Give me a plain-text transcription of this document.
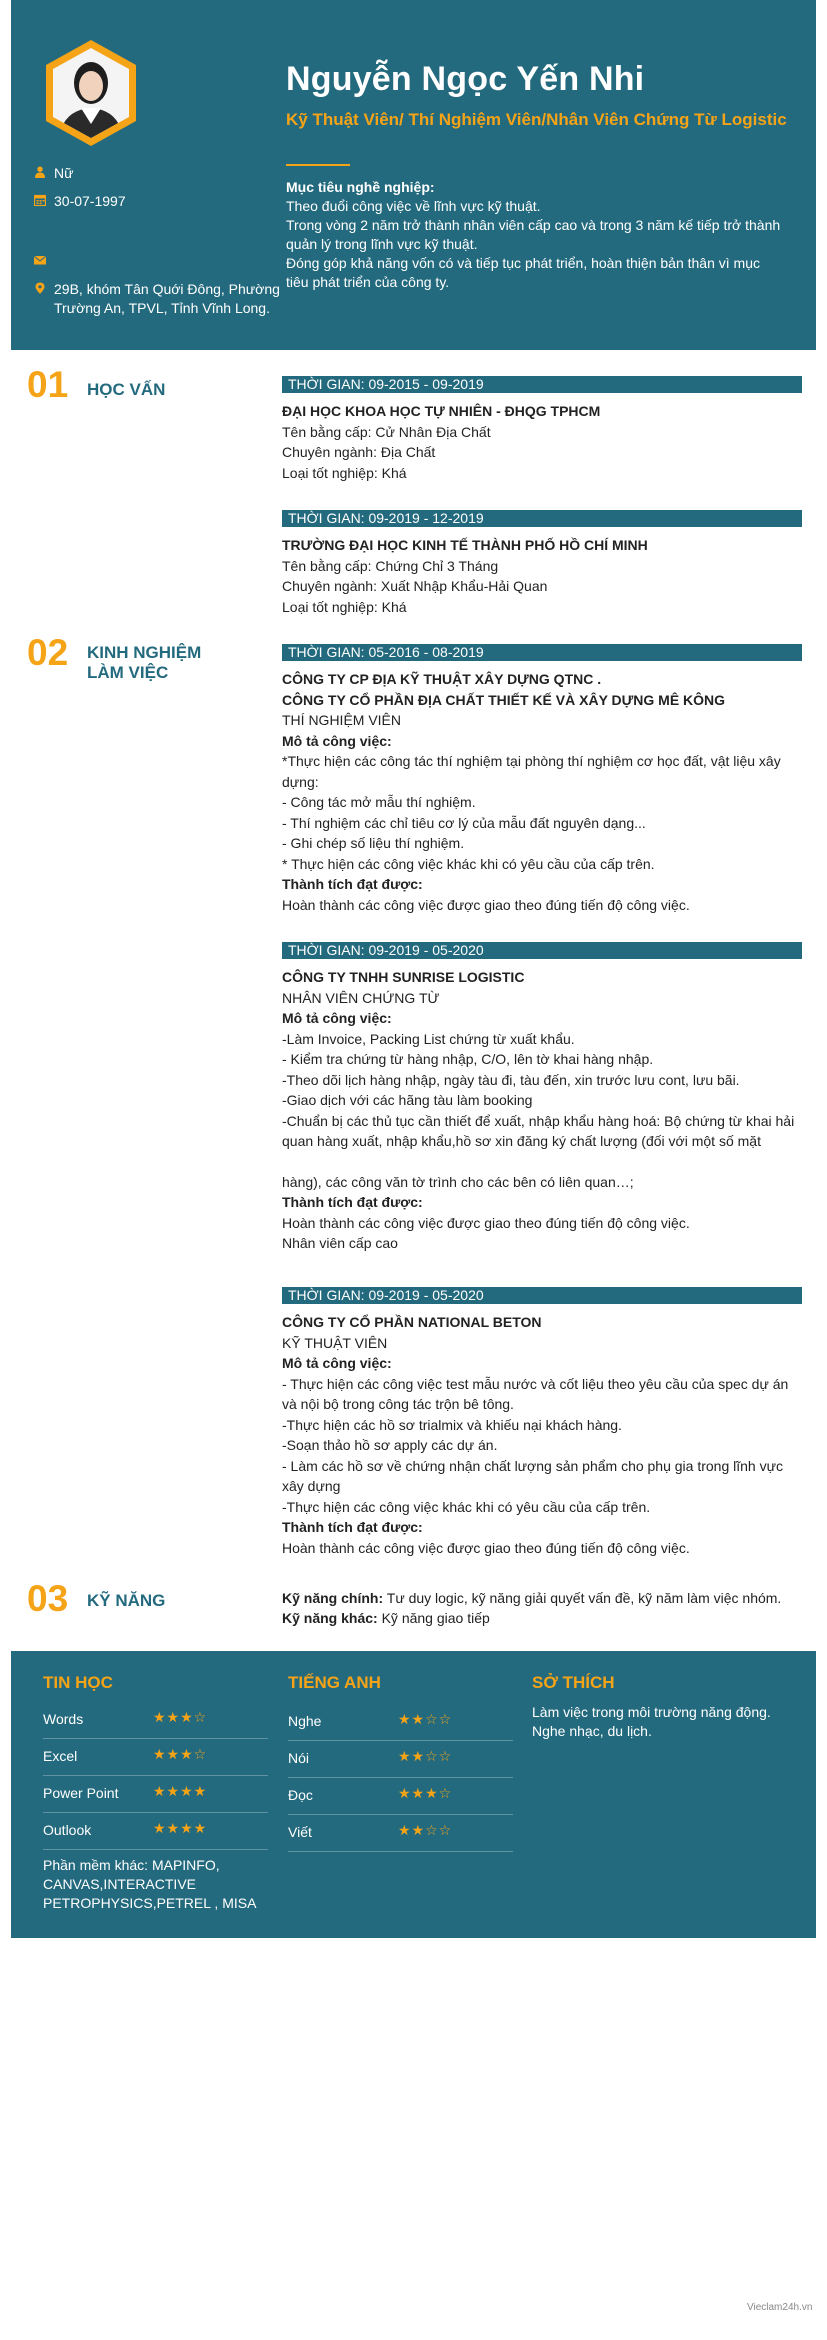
Nữ
30-07-1997
29B, khóm Tân Quới Đông, Phường Trường An, TPVL, Tỉnh Vĩnh Long.
Nguyễn Ngọc Yến Nhi
Kỹ Thuật Viên/ Thí Nghiệm Viên/Nhân Viên Chứng Từ Logistic
Mục tiêu nghề nghiệp:
Theo đuổi công việc về lĩnh vực kỹ thuật.
Trong vòng 2 năm trở thành nhân viên cấp cao và trong 3 năm kế tiếp trở thành quản lý trong lĩnh vực kỹ thuật.
Đóng góp khả năng vốn có và tiếp tục phát triển, hoàn thiện bản thân vì mục tiêu phát triển của công ty.
01 HỌC VẤN	THỜI GIAN: 09-2015 - 09-2019
ĐẠI HỌC KHOA HỌC TỰ NHIÊN - ĐHQG TPHCM
Tên bằng cấp: Cử Nhân Địa Chất
Chuyên ngành: Địa Chất
Loại tốt nghiệp: Khá
THỜI GIAN: 09-2019 - 12-2019
TRƯỜNG ĐẠI HỌC KINH TẾ THÀNH PHỐ HỒ CHÍ MINH
Tên bằng cấp: Chứng Chỉ 3 Tháng
Chuyên ngành: Xuất Nhập Khẩu-Hải Quan
Loại tốt nghiệp: Khá
02 KINH NGHIỆM
LÀM VIỆC
THỜI GIAN: 05-2016 - 08-2019
CÔNG TY CP ĐỊA KỸ THUẬT XÂY DỰNG QTNC .
CÔNG TY CỔ PHẦN ĐỊA CHẤT THIẾT KẾ VÀ XÂY DỰNG MÊ KÔNG
THÍ NGHIỆM VIÊN
Mô tả công việc:
*Thực hiện các công tác thí nghiệm tại phòng thí nghiệm cơ học đất, vật liệu xây dựng:
- Công tác mở mẫu thí nghiệm.
- Thí nghiệm các chỉ tiêu cơ lý của mẫu đất nguyên dạng...
- Ghi chép số liệu thí nghiệm.
* Thực hiện các công việc khác khi có yêu cầu của cấp trên.
Thành tích đạt được:
Hoàn thành các công việc được giao theo đúng tiến độ công việc.
THỜI GIAN: 09-2019 - 05-2020
CÔNG TY TNHH SUNRISE LOGISTIC
NHÂN VIÊN CHỨNG TỪ
Mô tả công việc:
-Làm Invoice, Packing List chứng từ xuất khẩu.
- Kiểm tra chứng từ hàng nhập, C/O, lên tờ khai hàng nhập.
-Theo dõi lịch hàng nhập, ngày tàu đi, tàu đến, xin trước lưu cont, lưu bãi.
-Giao dịch với các hãng tàu làm booking
-Chuẩn bị các thủ tục cần thiết để xuất, nhập khẩu hàng hoá: Bộ chứng từ khai hải quan hàng xuất, nhập khẩu,hồ sơ xin đăng ký chất lượng (đối với một số mặt
hàng), các công văn tờ trình cho các bên có liên quan…;
Thành tích đạt được:
Hoàn thành các công việc được giao theo đúng tiến độ công việc.
Nhân viên cấp cao
THỜI GIAN: 09-2019 - 05-2020
CÔNG TY CỔ PHẦN NATIONAL BETON
KỸ THUẬT VIÊN
Mô tả công việc:
- Thực hiện các công việc test mẫu nước và cốt liệu theo yêu cầu của spec dự án và nội bộ trong công tác trộn bê tông.
-Thực hiện các hồ sơ trialmix và khiếu nại khách hàng.
-Soạn thảo hồ sơ apply các dự án.
- Làm các hồ sơ về chứng nhận chất lượng sản phẩm cho phụ gia trong lĩnh vực xây dựng
-Thực hiện các công việc khác khi có yêu cầu của cấp trên.
Thành tích đạt được:
Hoàn thành các công việc được giao theo đúng tiến độ công việc.
03 KỸ NĂNG	Kỹ năng chính: Tư duy logic, kỹ năng giải quyết vấn đề, kỹ năm làm việc nhóm.
Kỹ năng khác: Kỹ năng giao tiếp
TIN HỌC
Words	★★★☆
Excel	★★★☆
Power Point ★★★★
Outlook	★★★★
Phần mềm khác: MAPINFO, CANVAS,INTERACTIVE PETROPHYSICS,PETREL , MISA
TIẾNG ANH
Nghe	★★☆☆
Nói	★★☆☆
Đọc	★★★☆
Viết	★★☆☆
SỞ THÍCH
Làm việc trong môi trường năng động.
Nghe nhạc, du lịch.
Vieclam24h.vn
